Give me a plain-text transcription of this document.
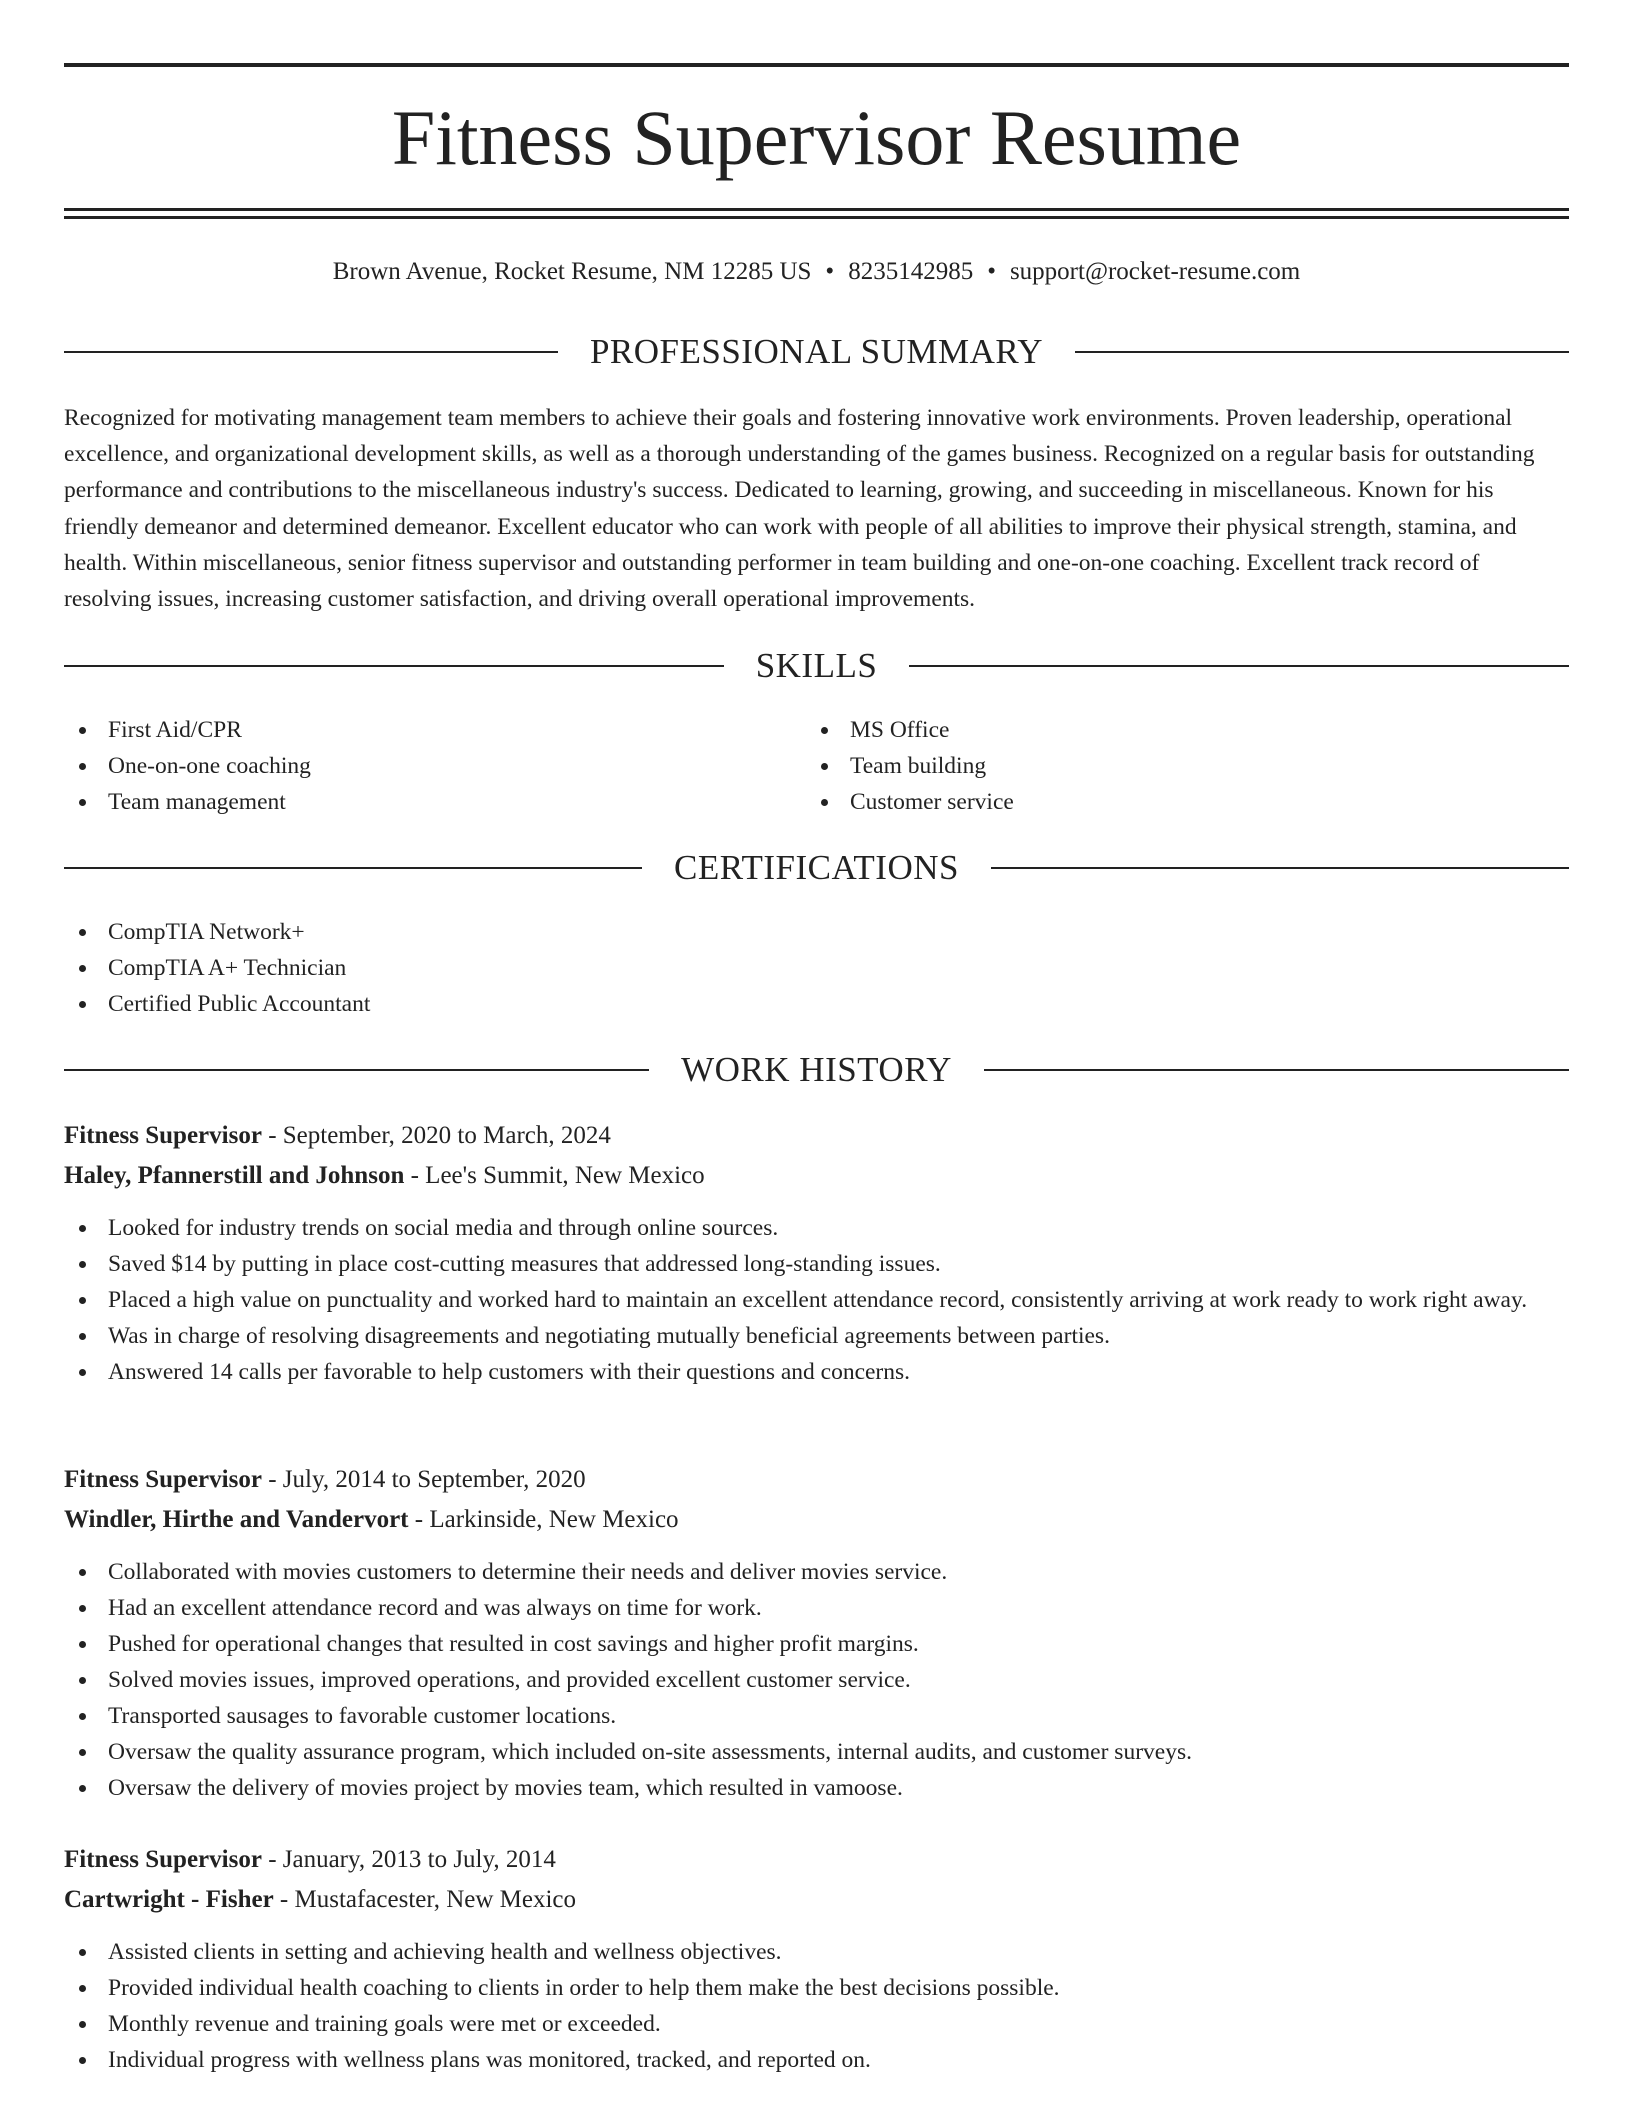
Fitness Supervisor Resume
Brown Avenue, Rocket Resume, NM 12285 US • 8235142985 • support@rocket-resume.com
PROFESSIONAL SUMMARY

Recognized for motivating management team members to achieve their goals and fostering innovative work environments. Proven leadership, operational excellence, and organizational development skills, as well as a thorough understanding of the games business. Recognized on a regular basis for outstanding performance and contributions to the miscellaneous industry's success. Dedicated to learning, growing, and succeeding in miscellaneous. Known for his friendly demeanor and determined demeanor. Excellent educator who can work with people of all abilities to improve their physical strength, stamina, and health. Within miscellaneous, senior fitness supervisor and outstanding performer in team building and one-on-one coaching. Excellent track record of resolving issues, increasing customer satisfaction, and driving overall operational improvements.

SKILLS
First Aid/CPR
One-on-one coaching
Team management
MS Office
Team building
Customer service
CERTIFICATIONS
CompTIA Network+
CompTIA A+ Technician
Certified Public Accountant
WORK HISTORY
Fitness Supervisor - September, 2020 to March, 2024
Haley, Pfannerstill and Johnson - Lee's Summit, New Mexico
Looked for industry trends on social media and through online sources.
Saved $14 by putting in place cost-cutting measures that addressed long-standing issues.
Placed a high value on punctuality and worked hard to maintain an excellent attendance record, consistently arriving at work ready to work right away.
Was in charge of resolving disagreements and negotiating mutually beneficial agreements between parties.
Answered 14 calls per favorable to help customers with their questions and concerns.
Fitness Supervisor - July, 2014 to September, 2020
Windler, Hirthe and Vandervort - Larkinside, New Mexico
Collaborated with movies customers to determine their needs and deliver movies service.
Had an excellent attendance record and was always on time for work.
Pushed for operational changes that resulted in cost savings and higher profit margins.
Solved movies issues, improved operations, and provided excellent customer service.
Transported sausages to favorable customer locations.
Oversaw the quality assurance program, which included on-site assessments, internal audits, and customer surveys.
Oversaw the delivery of movies project by movies team, which resulted in vamoose.
Fitness Supervisor - January, 2013 to July, 2014
Cartwright - Fisher - Mustafacester, New Mexico
Assisted clients in setting and achieving health and wellness objectives.
Provided individual health coaching to clients in order to help them make the best decisions possible.
Monthly revenue and training goals were met or exceeded.
Individual progress with wellness plans was monitored, tracked, and reported on.
